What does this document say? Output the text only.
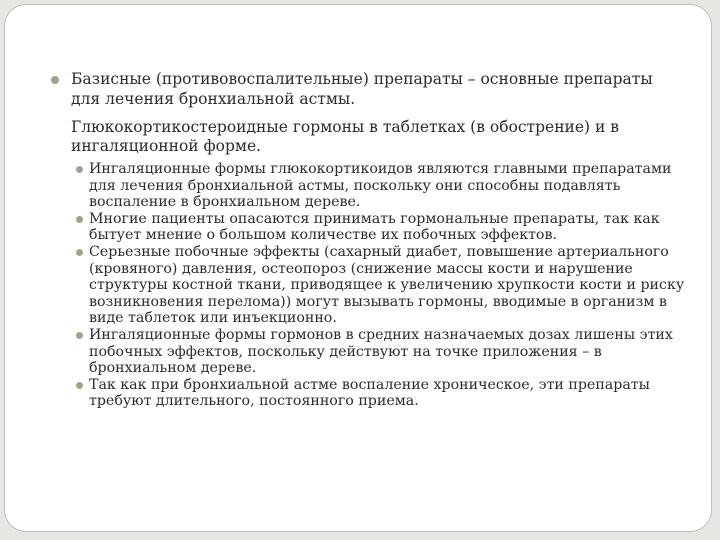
Базисные (противовоспалительные) препараты – основные препараты для лечения бронхиальной астмы.
Глюкокортикостероидные гормоны в таблетках (в обострение) и в ингаляционной форме.
Ингаляционные формы глюкокортикоидов являются главными препаратами для лечения бронхиальной астмы, поскольку они способны подавлять воспаление в бронхиальном дереве.
Многие пациенты опасаются принимать гормональные препараты, так как бытует мнение о большом количестве их побочных эффектов.
Серьезные побочные эффекты (сахарный диабет, повышение артериального (кровяного) давления, остеопороз (снижение массы кости и нарушение структуры костной ткани, приводящее к увеличению хрупкости кости и риску возникновения перелома)) могут вызывать гормоны, вводимые в организм в виде таблеток или инъекционно.
Ингаляционные формы гормонов в средних назначаемых дозах лишены этих побочных эффектов, поскольку действуют на точке приложения – в бронхиальном дереве.
Так как при бронхиальной астме воспаление хроническое, эти препараты требуют длительного, постоянного приема.
